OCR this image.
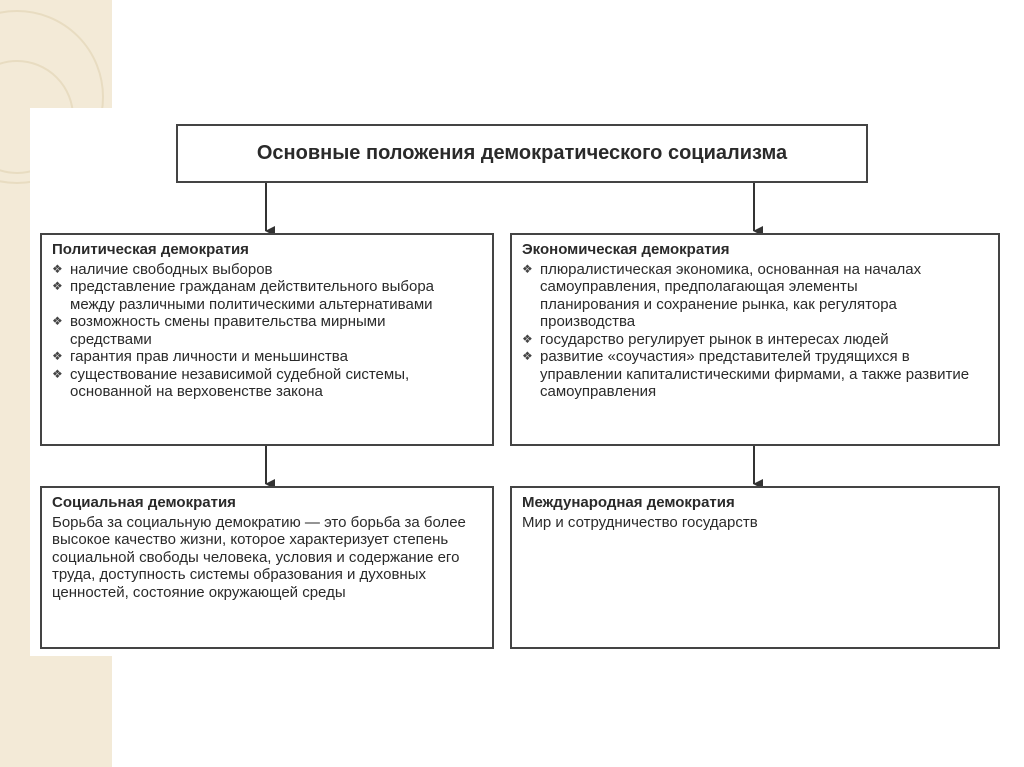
Основные положения демократического социализма
Политическая демократия
❖ наличие свободных выборов
❖ представление гражданам действительного выбора между различными политическими альтернативами
❖ возможность смены правительства мирными средствами
❖ гарантия прав личности и меньшинства
❖ существование независимой судебной системы, основанной на верховенстве закона
Экономическая демократия
❖ плюралистическая экономика, основанная на началах самоуправления, предполагающая элементы планирования и сохранение рынка, как регулятора производства
❖ государство регулирует рынок в интересах людей
❖ развитие «соучастия» представителей трудящихся в управлении капиталистическими фирмами, а также развитие самоуправления
Социальная демократия

Борьба за социальную демократию — это борьба за более высокое качество жизни, которое характеризует степень социальной свободы человека, условия и содержание его труда, доступность системы образования и духовных ценностей, состояние окружающей среды

Международная демократия

Мир и сотрудничество государств
